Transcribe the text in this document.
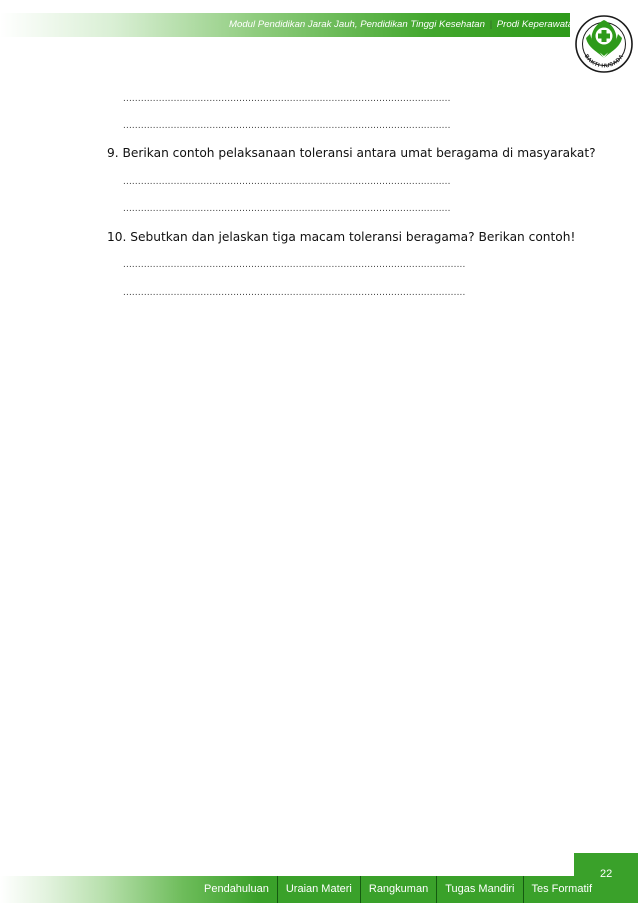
Modul Pendidikan Jarak Jauh, Pendidikan Tinggi Kesehatan | Prodi Keperawatan
BAKTI HUSADA
..............................................................................................................
..............................................................................................................
9. Berikan contoh pelaksanaan toleransi antara umat beragama di masyarakat?
..............................................................................................................
..............................................................................................................
10. Sebutkan dan jelaskan tiga macam toleransi beragama? Berikan contoh!
...................................................................................................................
...................................................................................................................
22
Pendahuluan	Uraian Materi	Rangkuman	Tugas Mandiri	Tes Formatif
